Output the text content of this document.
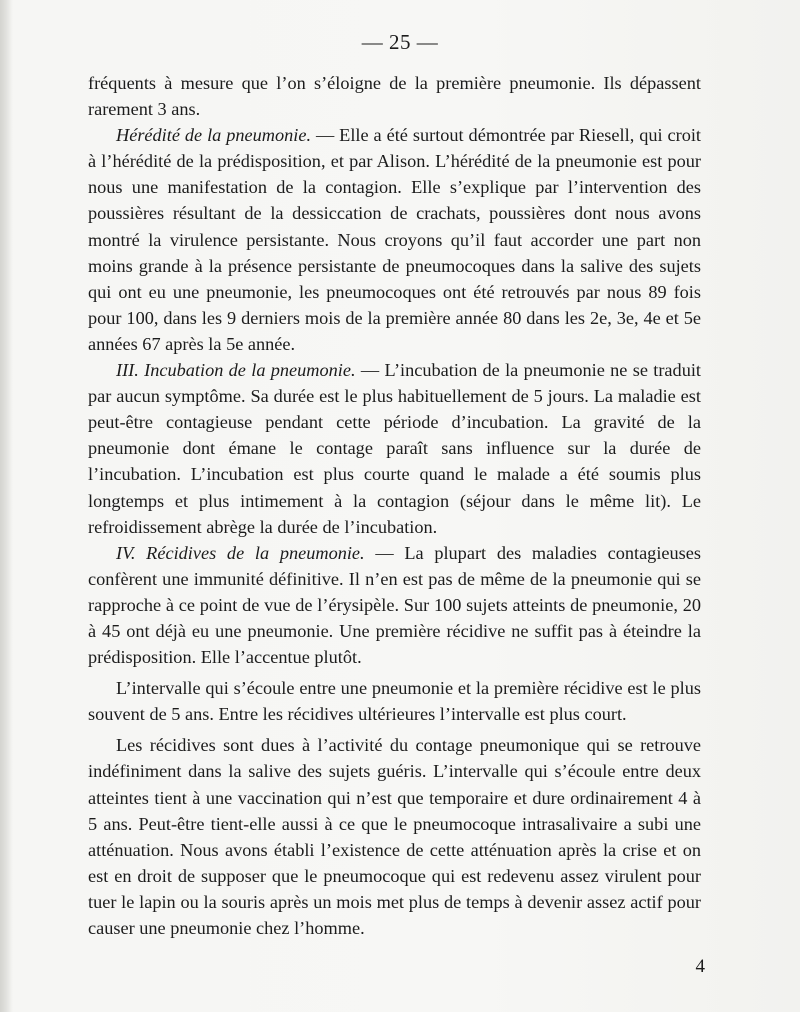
— 25 —

fréquents à mesure que l’on s’éloigne de la première pneumonie. Ils dépassent rarement 3 ans.

Hérédité de la pneumonie. — Elle a été surtout démontrée par Riesell, qui croit à l’hérédité de la prédisposition, et par Alison. L’hérédité de la pneumonie est pour nous une manifestation de la contagion. Elle s’explique par l’intervention des poussières résultant de la dessiccation de crachats, poussières dont nous avons montré la virulence persistante. Nous croyons qu’il faut accorder une part non moins grande à la présence persistante de pneumocoques dans la salive des sujets qui ont eu une pneumonie, les pneumocoques ont été retrouvés par nous 89 fois pour 100, dans les 9 derniers mois de la première année 80 dans les 2e, 3e, 4e et 5e années 67 après la 5e année.

III. Incubation de la pneumonie. — L’incubation de la pneumonie ne se traduit par aucun symptôme. Sa durée est le plus habituellement de 5 jours. La maladie est peut-être contagieuse pendant cette période d’incubation. La gravité de la pneumonie dont émane le contage paraît sans influence sur la durée de l’incubation. L’incubation est plus courte quand le malade a été soumis plus longtemps et plus intimement à la contagion (séjour dans le même lit). Le refroidissement abrège la durée de l’incubation.

IV. Récidives de la pneumonie. — La plupart des maladies contagieuses confèrent une immunité définitive. Il n’en est pas de même de la pneumonie qui se rapproche à ce point de vue de l’érysipèle. Sur 100 sujets atteints de pneumonie, 20 à 45 ont déjà eu une pneumonie. Une première récidive ne suffit pas à éteindre la prédisposition. Elle l’accentue plutôt.

L’intervalle qui s’écoule entre une pneumonie et la première récidive est le plus souvent de 5 ans. Entre les récidives ultérieures l’intervalle est plus court.

Les récidives sont dues à l’activité du contage pneumonique qui se retrouve indéfiniment dans la salive des sujets guéris. L’intervalle qui s’écoule entre deux atteintes tient à une vaccination qui n’est que temporaire et dure ordinairement 4 à 5 ans. Peut-être tient-elle aussi à ce que le pneumocoque intrasalivaire a subi une atténuation. Nous avons établi l’existence de cette atténuation après la crise et on est en droit de supposer que le pneumocoque qui est redevenu assez virulent pour tuer le lapin ou la souris après un mois met plus de temps à devenir assez actif pour causer une pneumonie chez l’homme.

4
